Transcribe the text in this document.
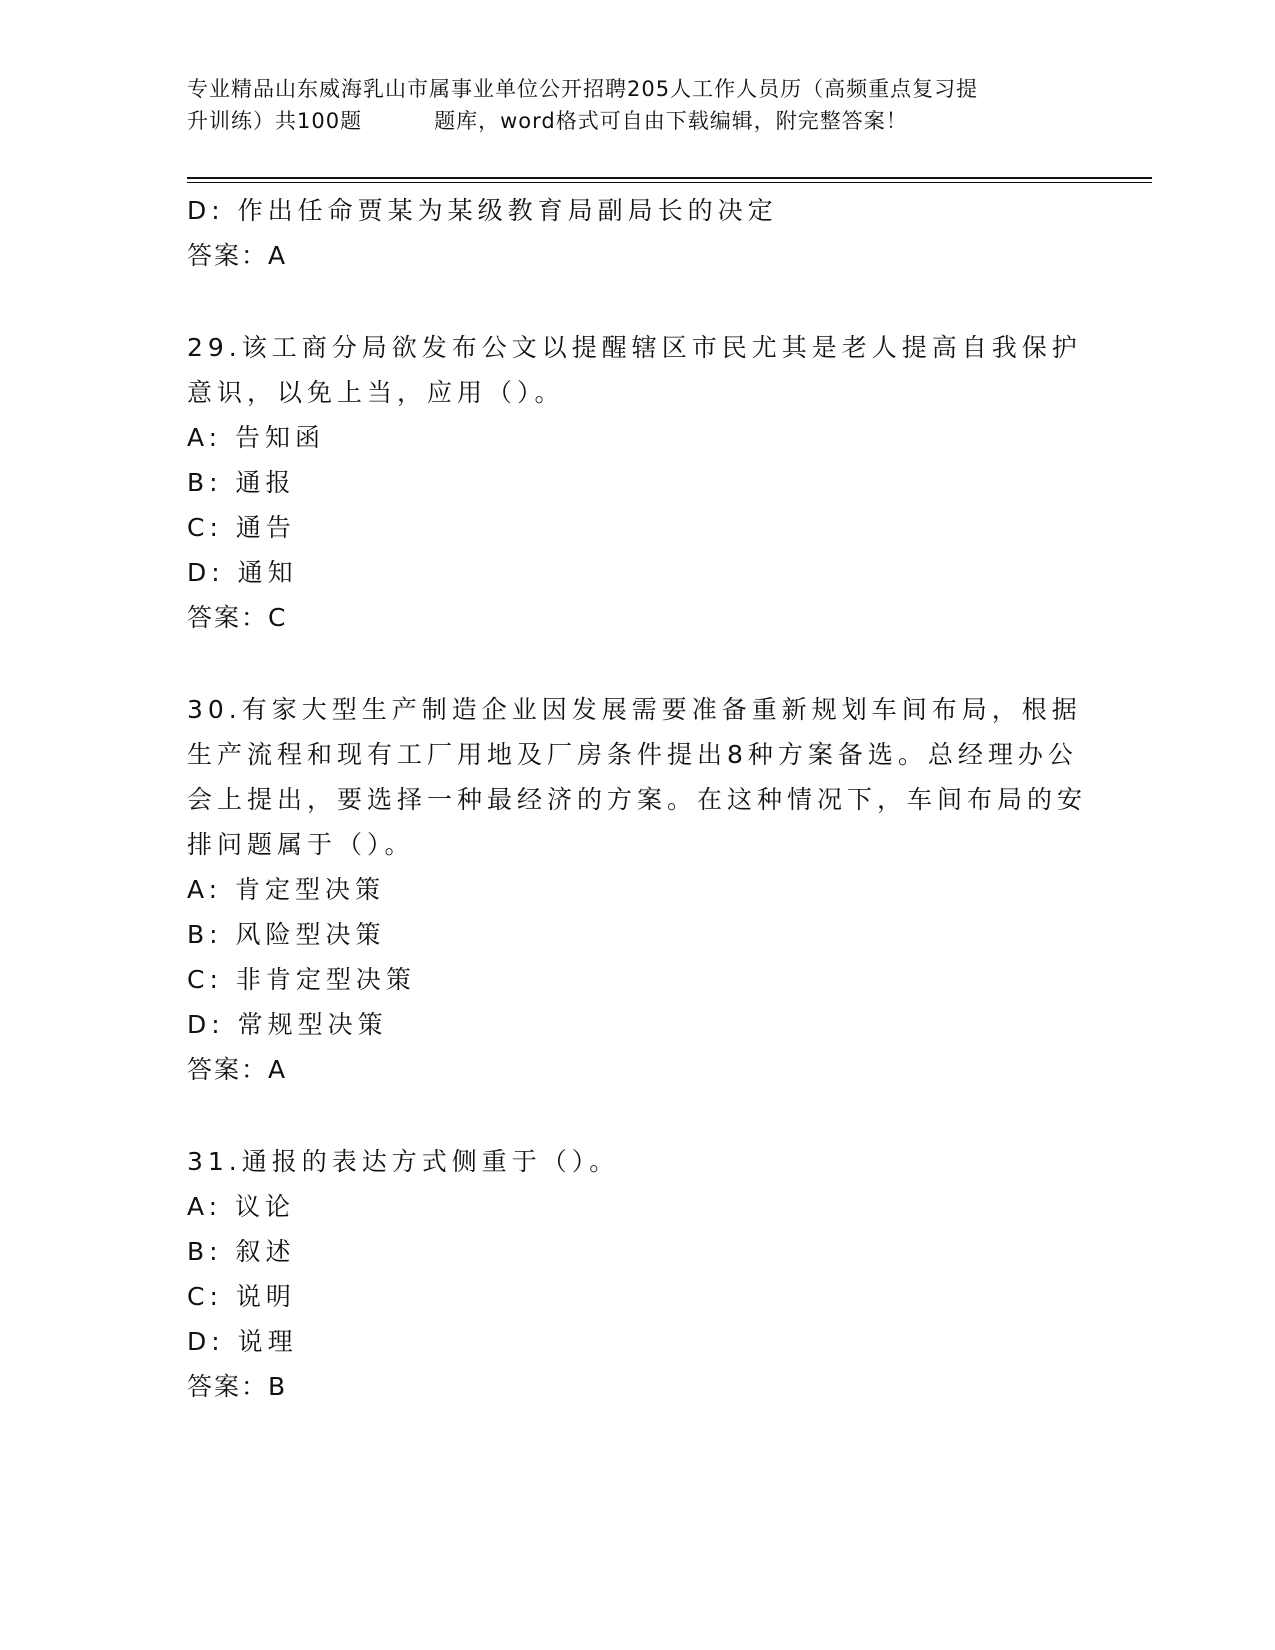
专业精品山东威海乳山市属事业单位公开招聘205人工作人员历（高频重点复习提
升训练）共100题	题库，word格式可自由下载编辑，附完整答案！
D: 作出任命贾某为某级教育局副局长的决定
答案：A
29.该工商分局欲发布公文以提醒辖区市民尤其是老人提高自我保护意识，以免上当，应用（）。
A: 告知函
B: 通报
C: 通告
D: 通知
答案：C
30.有家大型生产制造企业因发展需要准备重新规划车间布局，根据生产流程和现有工厂用地及厂房条件提出8种方案备选。总经理办公会上提出，要选择一种最经济的方案。在这种情况下，车间布局的安排问题属于（）。
A: 肯定型决策
B: 风险型决策
C: 非肯定型决策
D: 常规型决策
答案：A
31.通报的表达方式侧重于（）。
A: 议论
B: 叙述
C: 说明
D: 说理
答案：B
